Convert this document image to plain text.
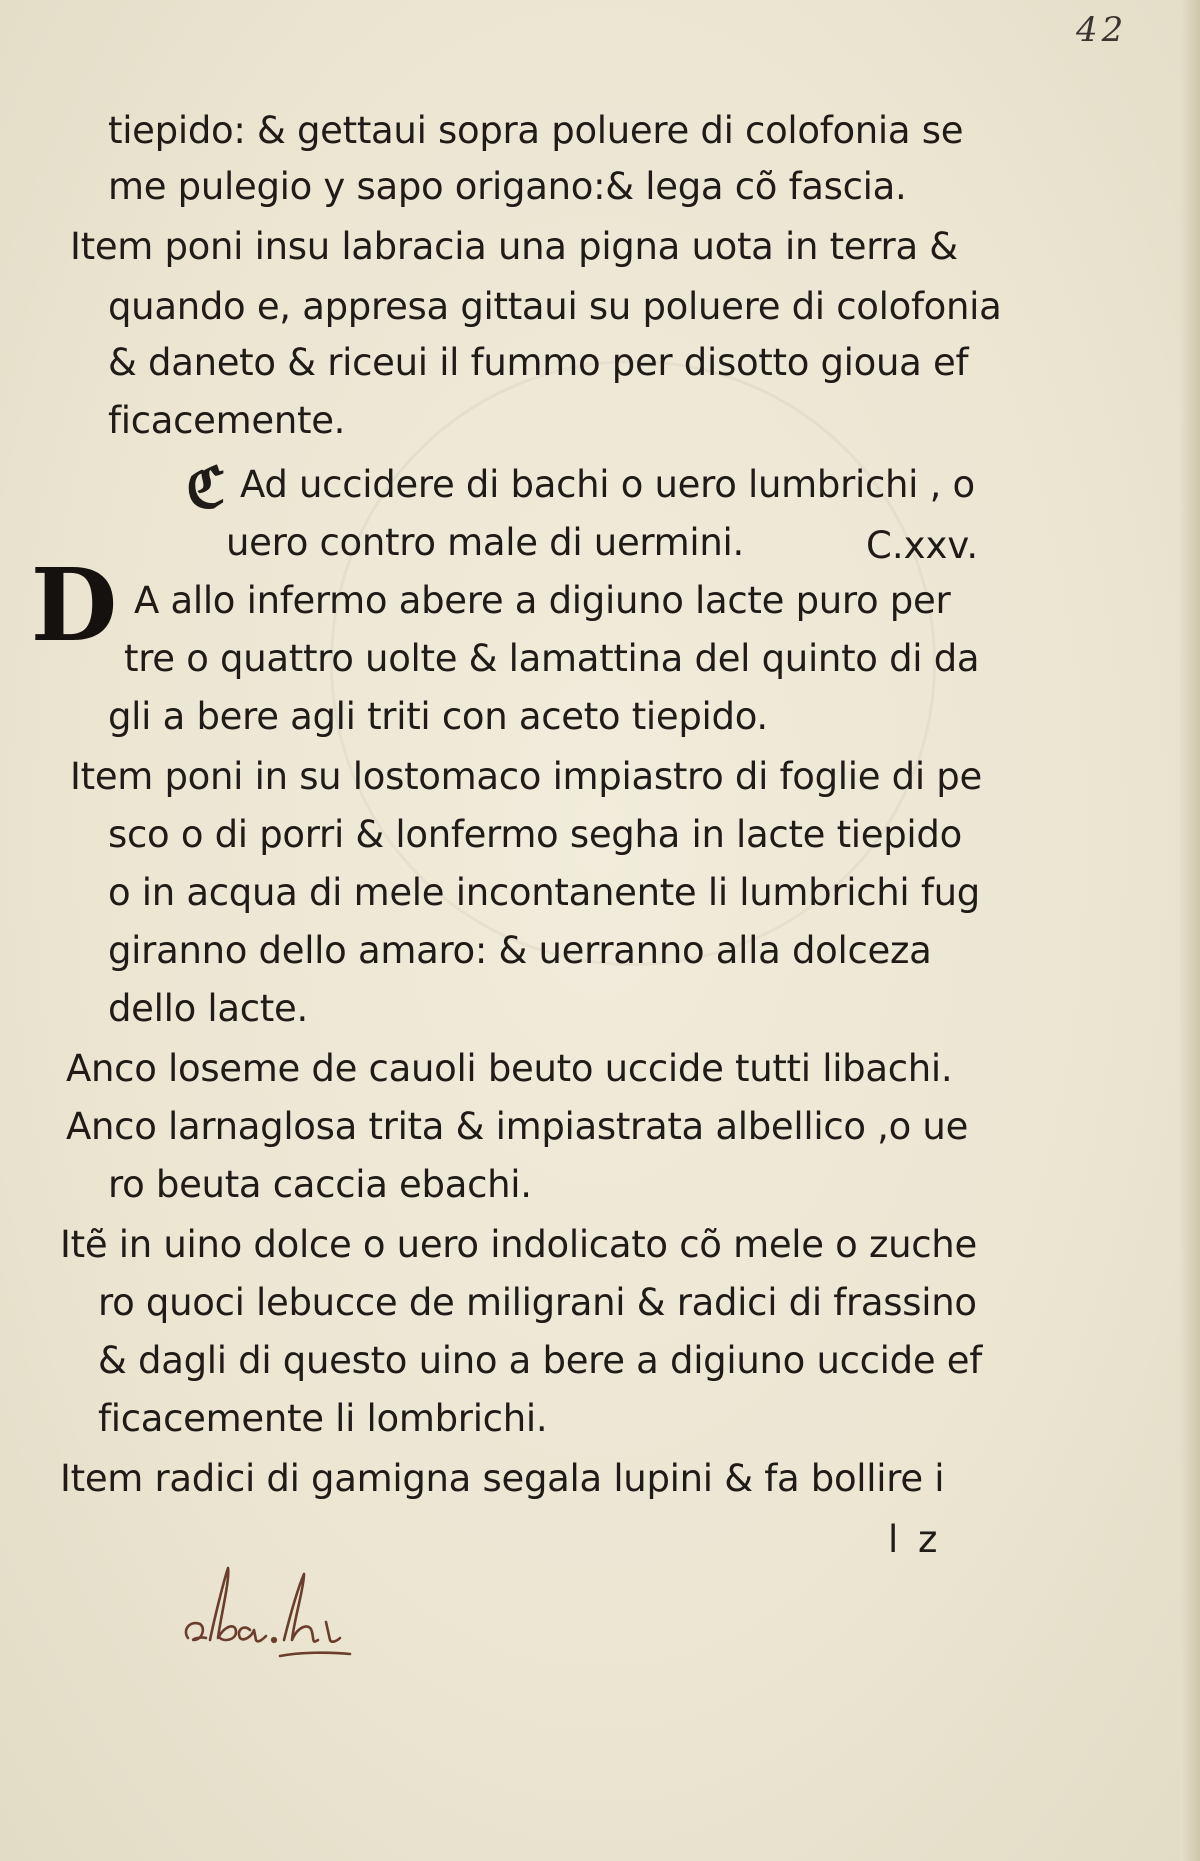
42
tiepido: & gettaui sopra poluere di colofonia se
me pulegio y sapo origano:& lega cõ fascia.
Item poni insu labracia una pigna uota in terra &
quando e, appresa gittaui su poluere di colofonia
& daneto & riceui il fummo per disotto gioua ef
ficacemente.
ℭ Ad uccidere di bachi o uero lumbrichi , o
uero contro male di uermini.	C.xxv.
D A allo infermo abere a digiuno lacte puro per
tre o quattro uolte & lamattina del quinto di da
gli a bere agli triti con aceto tiepido.
Item poni in su lostomaco impiastro di foglie di pe
sco o di porri & lonfermo segha in lacte tiepido
o in acqua di mele incontanente li lumbrichi fug
giranno dello amaro: & uerranno alla dolceza
dello lacte.
Anco loseme de cauoli beuto uccide tutti libachi.
Anco larnaglosa trita & impiastrata albellico ,o ue
ro beuta caccia ebachi.
Itẽ in uino dolce o uero indolicato cõ mele o zuche
ro quoci lebucce de miligrani & radici di frassino
& dagli di questo uino a bere a digiuno uccide ef
ficacemente li lombrichi.
Item radici di gamigna segala lupini & fa bollire i
l z
